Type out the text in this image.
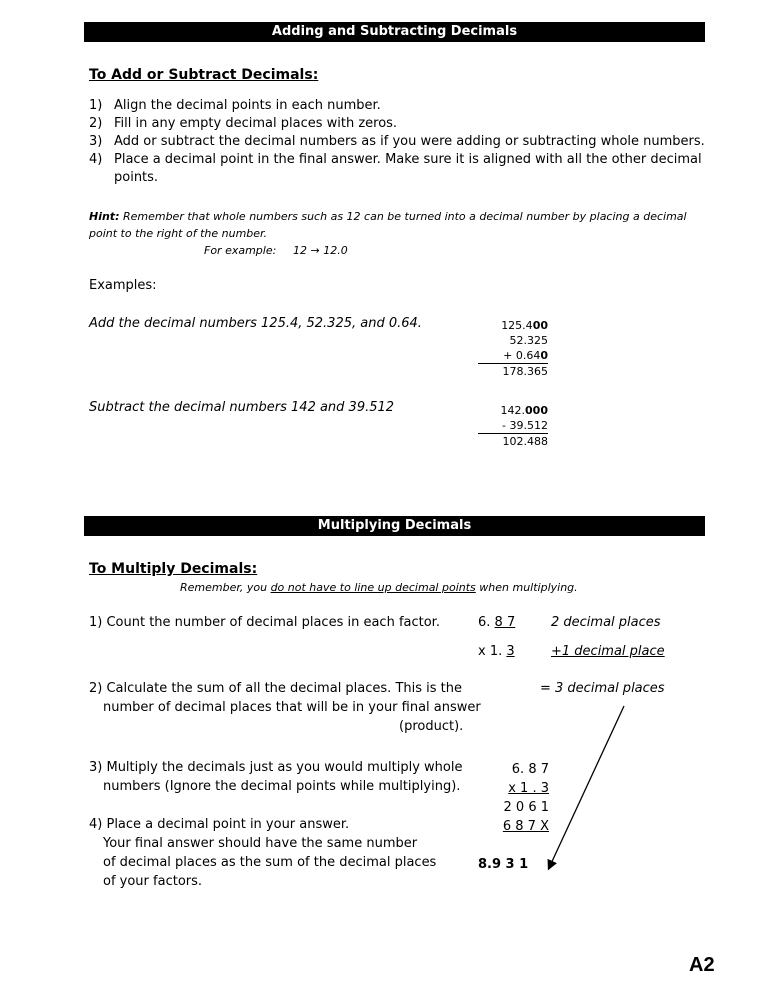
Adding and Subtracting Decimals
To Add or Subtract Decimals:
1) Align the decimal points in each number.
2) Fill in any empty decimal places with zeros.
3) Add or subtract the decimal numbers as if you were adding or subtracting whole numbers.
4) Place a decimal point in the final answer. Make sure it is aligned with all the other decimal
points.
Hint: Remember that whole numbers such as 12 can be turned into a decimal number by placing a decimal
point to the right of the number.
For example: 12 → 12.0
Examples:
Add the decimal numbers 125.4, 52.325, and 0.64.	125.400
52.325
+ 0.640
178.365
Subtract the decimal numbers 142 and 39.512	142.000
- 39.512
102.488
Multiplying Decimals
To Multiply Decimals:
Remember, you do not have to line up decimal points when multiplying.
1) Count the number of decimal places in each factor.	6. 8 7	2 decimal places
x 1. 3	+1 decimal place
2) Calculate the sum of all the decimal places. This is the
number of decimal places that will be in your final answer
(product).
= 3 decimal places
3) Multiply the decimals just as you would multiply whole
numbers (Ignore the decimal points while multiplying).
4) Place a decimal point in your answer.
Your final answer should have the same number
of decimal places as the sum of the decimal places
of your factors.
6. 8 7
x 1 . 3
2 0 6 1
6 8 7 X
8.9 3 1
A2
